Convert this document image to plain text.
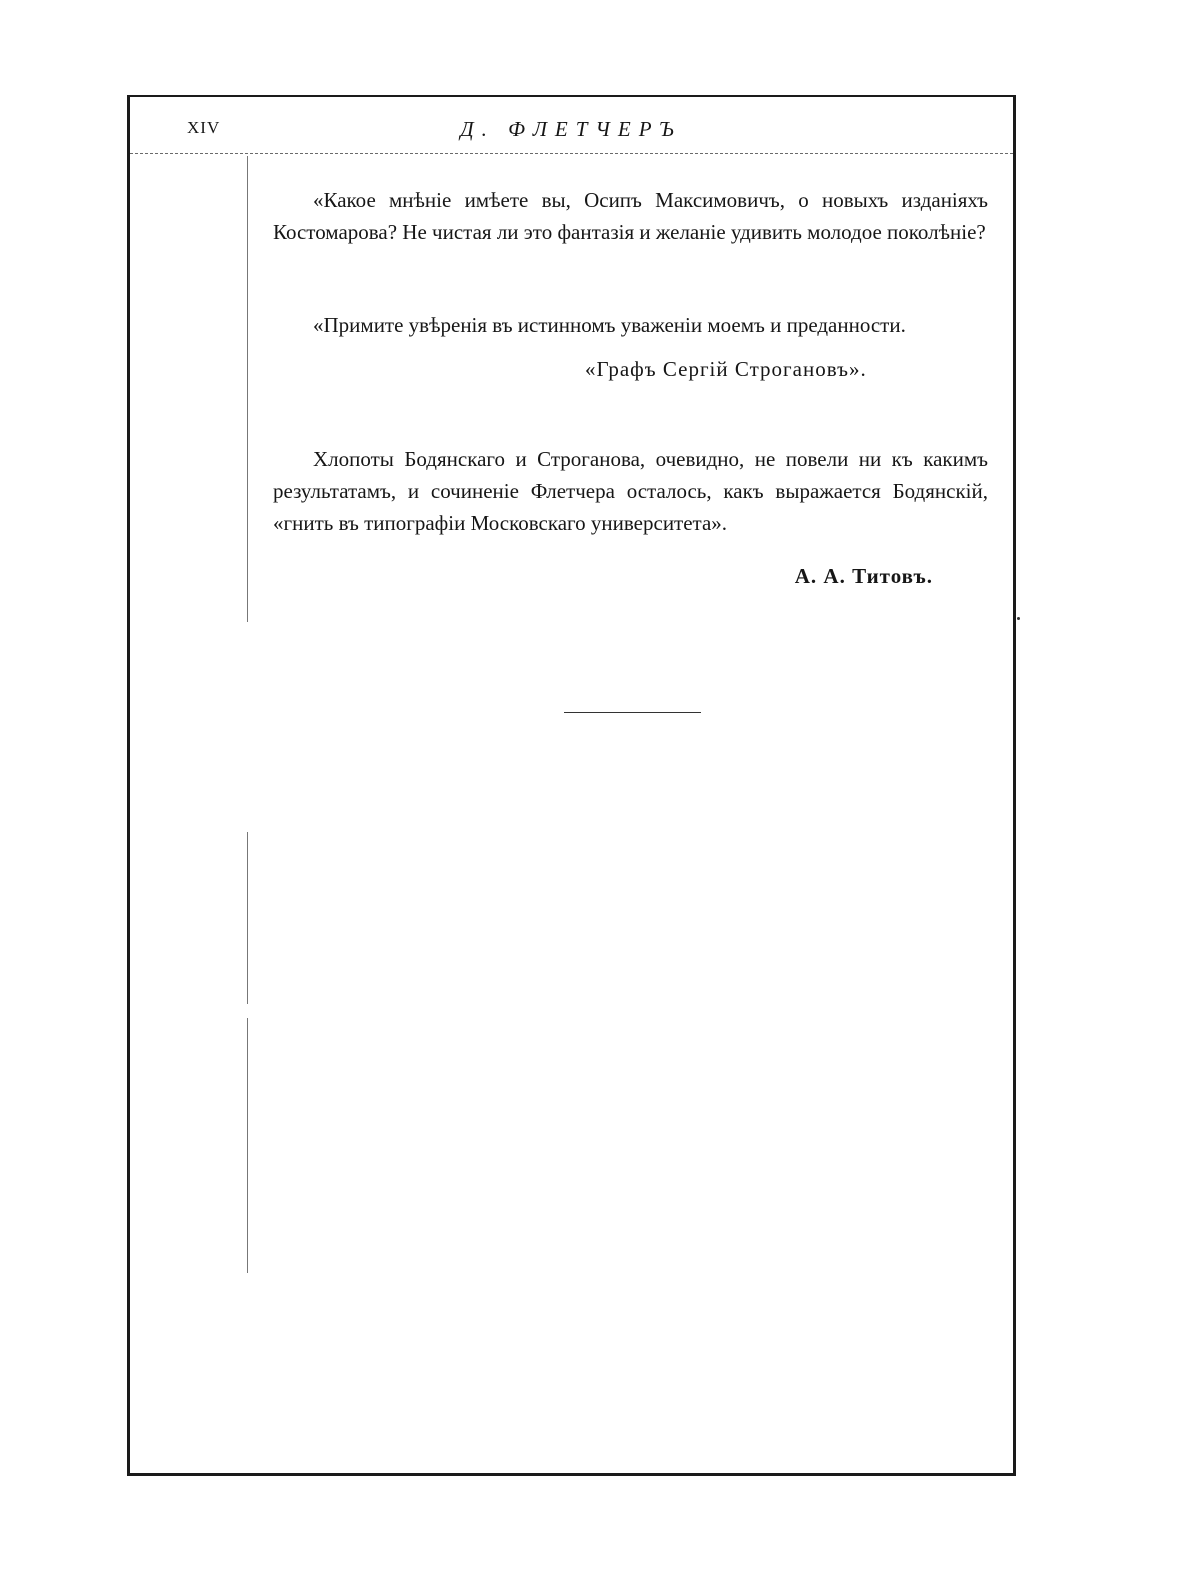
XIV	Д. ФЛЕТЧЕРЪ

«Какое мнѣніе имѣете вы, Осипъ Максимовичъ, о новыхъ изданіяхъ Костомарова? Не чистая ли это фантазія и желаніе удивить молодое поколѣніе?

«Примите увѣренія въ истинномъ уваженіи моемъ и преданности.

«Графъ Сергій Строгановъ».

Хлопоты Бодянскаго и Строганова, очевидно, не повели ни къ какимъ результатамъ, и сочиненіе Флетчера осталось, какъ выражается Бодянскій, «гнить въ типографіи Московскаго университета».

А. А. Титовъ.
